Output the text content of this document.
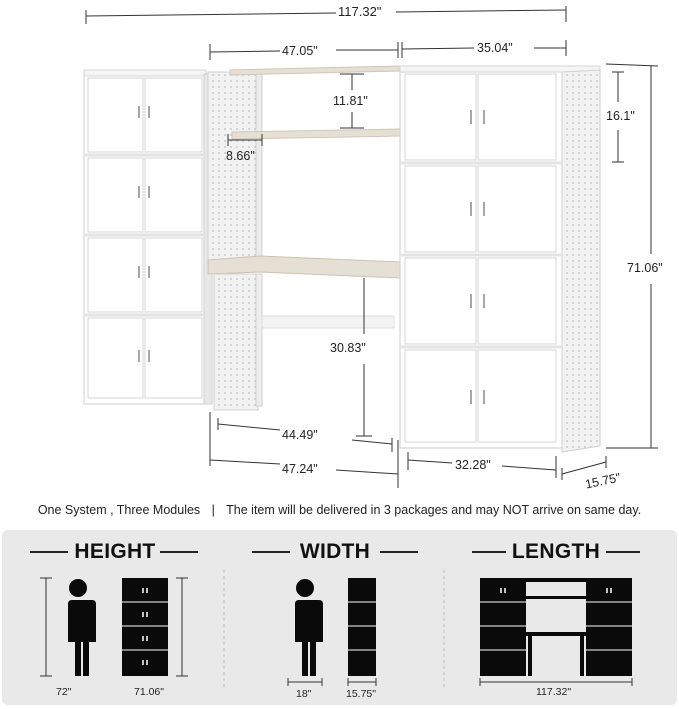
117.32"
47.05"	35.04"
11.81"
8.66"
16.1"
71.06"
30.83"
44.49"
47.24"	32.28"
15.75"
One System , Three Modules | The item will be delivered in 3 packages and may NOT arrive on same day.
HEIGHT	WIDTH	LENGTH
72"	71.06"	18"	15.75"	117.32"
